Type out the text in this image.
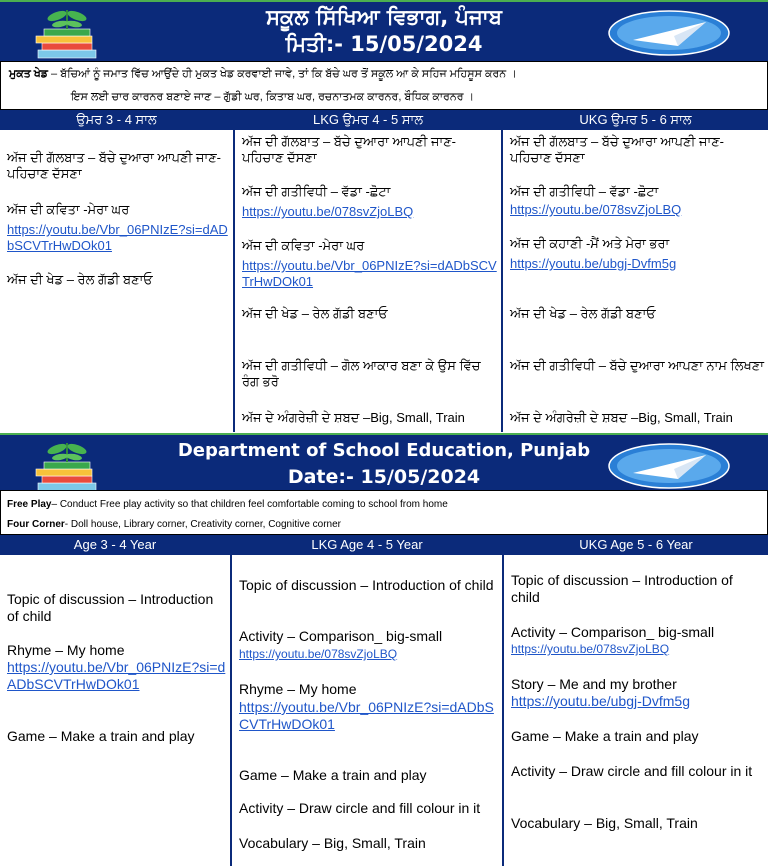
ਸਕੂਲ ਸਿੱਖਿਆ ਵਿਭਾਗ, ਪੰਜਾਬ
ਮਿਤੀ:- 15/05/2024

ਮੁਕਤ ਖੇਡ – ਬੱਚਿਆਂ ਨੂੰ ਜਮਾਤ ਵਿੱਚ ਆਉਂਦੇ ਹੀ ਮੁਕਤ ਖੇਡ ਕਰਵਾਈ ਜਾਵੇ, ਤਾਂ ਕਿ ਬੱਚੇ ਘਰ ਤੋਂ ਸਕੂਲ ਆ ਕੇ ਸਹਿਜ ਮਹਿਸੂਸ ਕਰਨ ।

ਇਸ ਲਈ ਚਾਰ ਕਾਰਨਰ ਬਣਾਏ ਜਾਣ – ਗੁੱਡੀ ਘਰ, ਕਿਤਾਬ ਘਰ, ਰਚਨਾਤਮਕ ਕਾਰਨਰ, ਬੌਧਿਕ ਕਾਰਨਰ ।

ਉਮਰ 3 - 4 ਸਾਲ
ਅੱਜ ਦੀ ਗੱਲਬਾਤ – ਬੱਚੇ ਦੁਆਰਾ ਆਪਣੀ ਜਾਣ-ਪਹਿਚਾਣ ਦੱਸਣਾ
ਅੱਜ ਦੀ ਕਵਿਤਾ -ਮੇਰਾ ਘਰ
https://youtu.be/Vbr_06PNIzE?si=dADbSCVTrHwDOk01
ਅੱਜ ਦੀ ਖੇਡ – ਰੇਲ ਗੱਡੀ ਬਣਾਓ
LKG ਉਮਰ 4 - 5 ਸਾਲ
ਅੱਜ ਦੀ ਗੱਲਬਾਤ – ਬੱਚੇ ਦੁਆਰਾ ਆਪਣੀ ਜਾਣ-ਪਹਿਚਾਣ ਦੱਸਣਾ
ਅੱਜ ਦੀ ਗਤੀਵਿਧੀ – ਵੱਡਾ -ਛੋਟਾ
https://youtu.be/078svZjoLBQ
ਅੱਜ ਦੀ ਕਵਿਤਾ -ਮੇਰਾ ਘਰ
https://youtu.be/Vbr_06PNIzE?si=dADbSCVTrHwDOk01
ਅੱਜ ਦੀ ਖੇਡ – ਰੇਲ ਗੱਡੀ ਬਣਾਓ
ਅੱਜ ਦੀ ਗਤੀਵਿਧੀ – ਗੋਲ ਆਕਾਰ ਬਣਾ ਕੇ ਉਸ ਵਿੱਚ ਰੰਗ ਭਰੋ
ਅੱਜ ਦੇ ਅੰਗਰੇਜ਼ੀ ਦੇ ਸ਼ਬਦ –Big, Small, Train
UKG ਉਮਰ 5 - 6 ਸਾਲ
ਅੱਜ ਦੀ ਗੱਲਬਾਤ – ਬੱਚੇ ਦੁਆਰਾ ਆਪਣੀ ਜਾਣ-ਪਹਿਚਾਣ ਦੱਸਣਾ
ਅੱਜ ਦੀ ਗਤੀਵਿਧੀ – ਵੱਡਾ -ਛੋਟਾ
https://youtu.be/078svZjoLBQ
ਅੱਜ ਦੀ ਕਹਾਣੀ -ਮੈਂ ਅਤੇ ਮੇਰਾ ਭਰਾ
https://youtu.be/ubgj-Dvfm5g
ਅੱਜ ਦੀ ਖੇਡ – ਰੇਲ ਗੱਡੀ ਬਣਾਓ
ਅੱਜ ਦੀ ਗਤੀਵਿਧੀ – ਬੱਚੇ ਦੁਆਰਾ ਆਪਣਾ ਨਾਮ ਲਿਖਣਾ
ਅੱਜ ਦੇ ਅੰਗਰੇਜ਼ੀ ਦੇ ਸ਼ਬਦ –Big, Small, Train
Department of School Education, Punjab
Date:- 15/05/2024

Free Play– Conduct Free play activity so that children feel comfortable coming to school from home

Four Corner- Doll house, Library corner, Creativity corner, Cognitive corner

Age 3 - 4 Year
Topic of discussion – Introduction of child
Rhyme – My home
https://youtu.be/Vbr_06PNIzE?si=dADbSCVTrHwDOk01
Game – Make a train and play
LKG Age 4 - 5 Year
Topic of discussion – Introduction of child
Activity – Comparison_ big-small
https://youtu.be/078svZjoLBQ
Rhyme – My home
https://youtu.be/Vbr_06PNIzE?si=dADbSCVTrHwDOk01
Game – Make a train and play
Activity – Draw circle and fill colour in it
Vocabulary – Big, Small, Train
UKG Age 5 - 6 Year
Topic of discussion – Introduction of child
Activity – Comparison_ big-small
https://youtu.be/078svZjoLBQ
Story – Me and my brother
https://youtu.be/ubgj-Dvfm5g
Game – Make a train and play
Activity – Draw circle and fill colour in it
Vocabulary – Big, Small, Train
